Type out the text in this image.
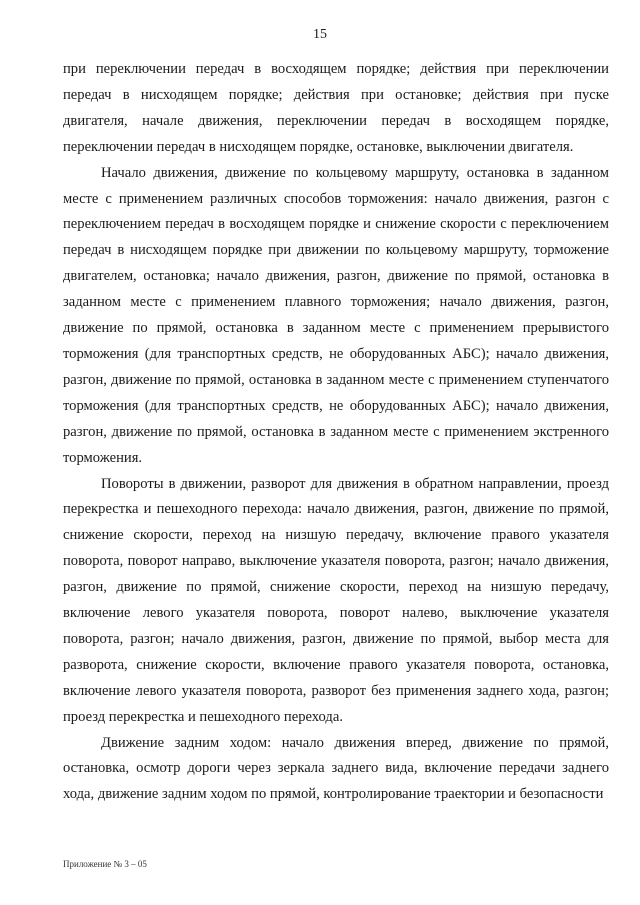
15

при переключении передач в восходящем порядке; действия при переключении передач в нисходящем порядке; действия при остановке; действия при пуске двигателя, начале движения, переключении передач в восходящем порядке, переключении передач в нисходящем порядке, остановке, выключении двигателя.

Начало движения, движение по кольцевому маршруту, остановка в заданном месте с применением различных способов торможения: начало движения, разгон с переключением передач в восходящем порядке и снижение скорости с переключением передач в нисходящем порядке при движении по кольцевому маршруту, торможение двигателем, остановка; начало движения, разгон, движение по прямой, остановка в заданном месте с применением плавного торможения; начало движения, разгон, движение по прямой, остановка в заданном месте с применением прерывистого торможения (для транспортных средств, не оборудованных АБС); начало движения, разгон, движение по прямой, остановка в заданном месте с применением ступенчатого торможения (для транспортных средств, не оборудованных АБС); начало движения, разгон, движение по прямой, остановка в заданном месте с применением экстренного торможения.

Повороты в движении, разворот для движения в обратном направлении, проезд перекрестка и пешеходного перехода: начало движения, разгон, движение по прямой, снижение скорости, переход на низшую передачу, включение правого указателя поворота, поворот направо, выключение указателя поворота, разгон; начало движения, разгон, движение по прямой, снижение скорости, переход на низшую передачу, включение левого указателя поворота, поворот налево, выключение указателя поворота, разгон; начало движения, разгон, движение по прямой, выбор места для разворота, снижение скорости, включение правого указателя поворота, остановка, включение левого указателя поворота, разворот без применения заднего хода, разгон; проезд перекрестка и пешеходного перехода.

Движение задним ходом: начало движения вперед, движение по прямой, остановка, осмотр дороги через зеркала заднего вида, включение передачи заднего хода, движение задним ходом по прямой, контролирование траектории и безопасности

Приложение № 3 – 05
